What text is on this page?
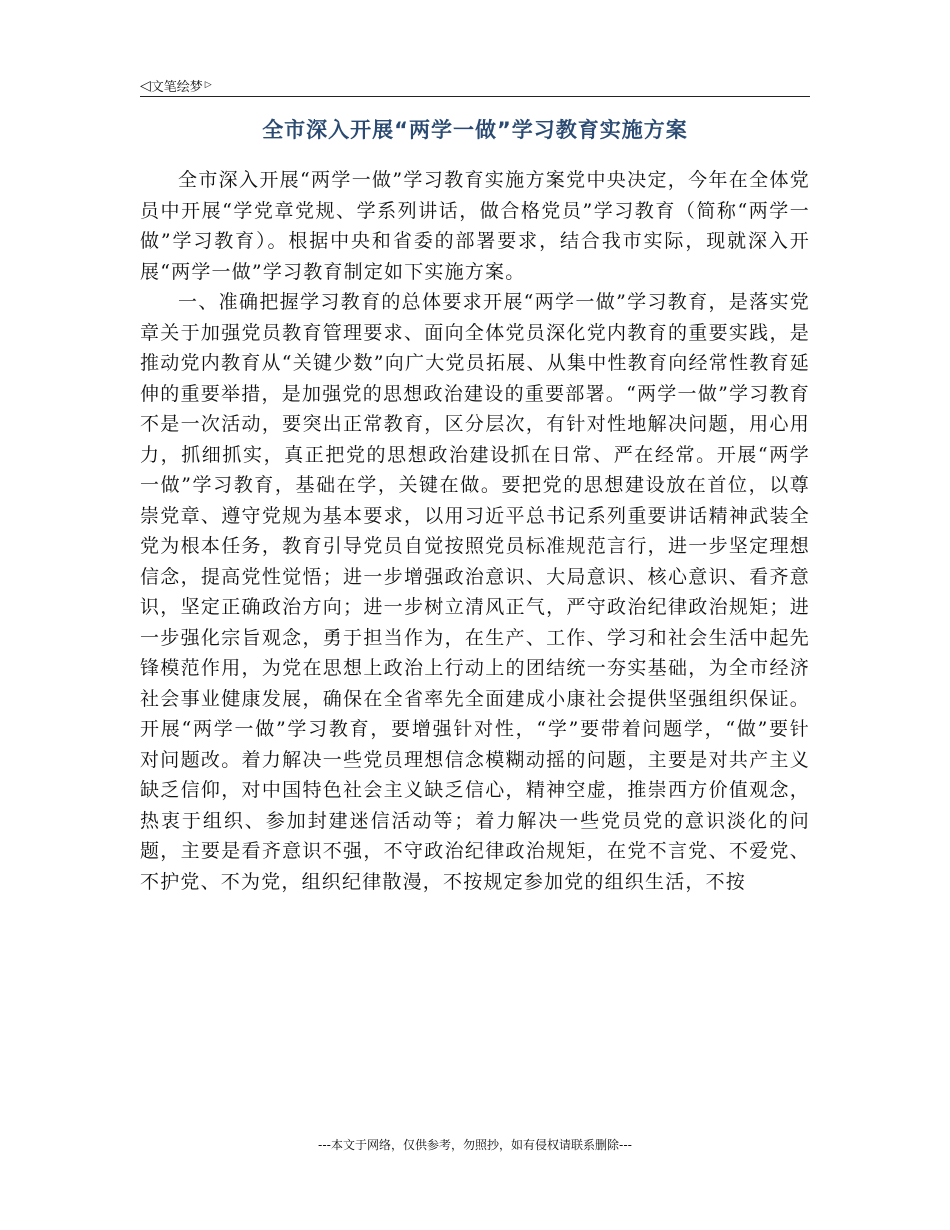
◁ 文笔绘梦 ▷
全市深入开展“两学一做”学习教育实施方案

全市深入开展“两学一做”学习教育实施方案党中央决定，今年在全体党员中开展“学党章党规、学系列讲话，做合格党员”学习教育（简称“两学一做”学习教育）。根据中央和省委的部署要求，结合我市实际，现就深入开展“两学一做”学习教育制定如下实施方案。

一、准确把握学习教育的总体要求开展“两学一做”学习教育，是落实党章关于加强党员教育管理要求、面向全体党员深化党内教育的重要实践，是推动党内教育从“关键少数”向广大党员拓展、从集中性教育向经常性教育延伸的重要举措，是加强党的思想政治建设的重要部署。“两学一做”学习教育不是一次活动，要突出正常教育，区分层次，有针对性地解决问题，用心用力，抓细抓实，真正把党的思想政治建设抓在日常、严在经常。开展“两学一做”学习教育，基础在学，关键在做。要把党的思想建设放在首位，以尊崇党章、遵守党规为基本要求，以用习近平总书记系列重要讲话精神武装全党为根本任务，教育引导党员自觉按照党员标准规范言行，进一步坚定理想信念，提高党性觉悟；进一步增强政治意识、大局意识、核心意识、看齐意识，坚定正确政治方向；进一步树立清风正气，严守政治纪律政治规矩；进一步强化宗旨观念，勇于担当作为，在生产、工作、学习和社会生活中起先锋模范作用，为党在思想上政治上行动上的团结统一夯实基础，为全市经济社会事业健康发展，确保在全省率先全面建成小康社会提供坚强组织保证。开展“两学一做”学习教育，要增强针对性，“学”要带着问题学，“做”要针对问题改。着力解决一些党员理想信念模糊动摇的问题，主要是对共产主义缺乏信仰，对中国特色社会主义缺乏信心，精神空虚，推崇西方价值观念，热衷于组织、参加封建迷信活动等；着力解决一些党员党的意识淡化的问题，主要是看齐意识不强，不守政治纪律政治规矩，在党不言党、不爱党、不护党、不为党，组织纪律散漫，不按规定参加党的组织生活，不按

---本文于网络，仅供参考，勿照抄，如有侵权请联系删除---
